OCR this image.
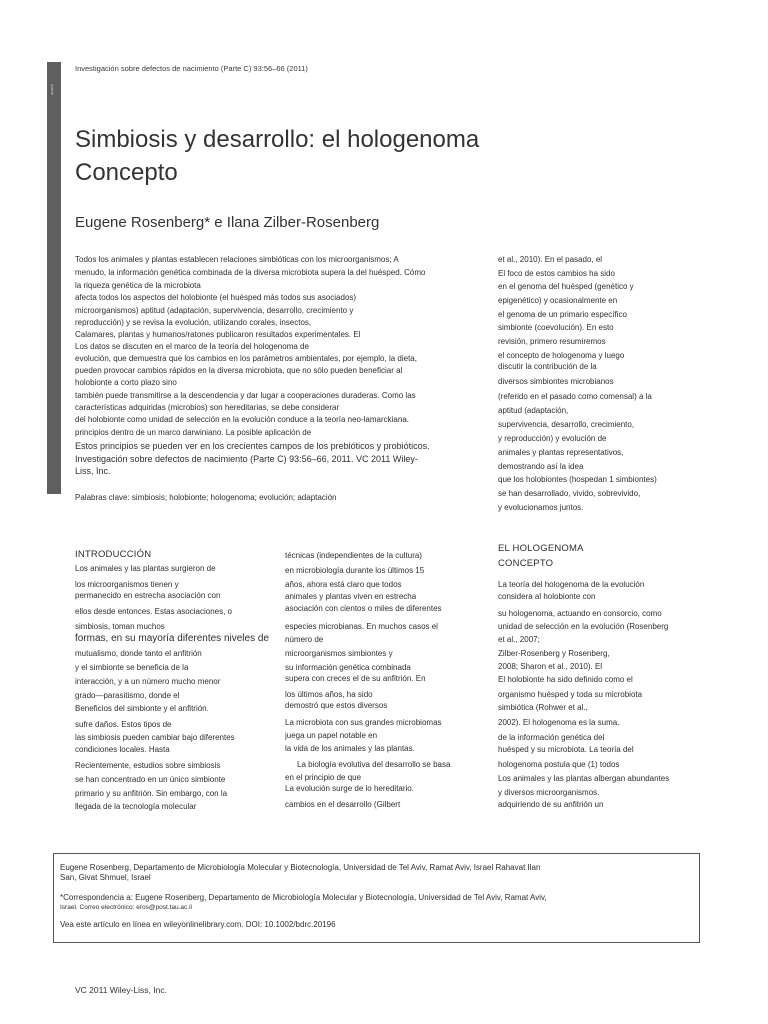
Article
Investigación sobre defectos de nacimiento (Parte C) 93:56–66 (2011)
Simbiosis y desarrollo: el hologenoma
Concepto
Eugene Rosenberg* e Ilana Zilber-Rosenberg
Todos los animales y plantas establecen relaciones simbióticas con los microorganismos; A
menudo, la información genética combinada de la diversa microbiota supera la del huésped. Cómo
la riqueza genética de la microbiota
afecta todos los aspectos del holobionte (el huésped más todos sus asociados)
microorganismos) aptitud (adaptación, supervivencia, desarrollo, crecimiento y
reproducción) y se revisa la evolución, utilizando corales, insectos,
Calamares, plantas y humanos/ratones publicaron resultados experimentales. El
Los datos se discuten en el marco de la teoría del hologenoma de
evolución, que demuestra que los cambios en los parámetros ambientales, por ejemplo, la dieta,
pueden provocar cambios rápidos en la diversa microbiota, que no sólo pueden beneficiar al
holobionte a corto plazo sino
también puede transmitirse a la descendencia y dar lugar a cooperaciones duraderas. Como las
características adquiridas (microbios) son hereditarias, se debe considerar
del holobionte como unidad de selección en la evolución conduce a la teoría neo-lamarckiana.
principios dentro de un marco darwiniano. La posible aplicación de
Estos principios se pueden ver en los crecientes campos de los prebióticos y probióticos.
Investigación sobre defectos de nacimiento (Parte C) 93:56–66, 2011. VC 2011 Wiley-
Liss, Inc.
Palabras clave: simbiosis; holobionte; hologenoma; evolución; adaptación
et al., 2010). En el pasado, el
El foco de estos cambios ha sido
en el genoma del huésped (genético y
epigenético) y ocasionalmente en
el genoma de un primario específico
simbionte (coevolución). En esto
revisión, primero resumiremos
el concepto de hologenoma y luego
discutir la contribución de la
diversos simbiontes microbianos
(referido en el pasado como comensal) a la
aptitud (adaptación,
supervivencia, desarrollo, crecimiento,
y reproducción) y evolución de
animales y plantas representativos,
demostrando así la idea
que los holobiontes (hospedan 1 simbiontes)
se han desarrollado, vivido, sobrevivido,
y evolucionamos juntos.
INTRODUCCIÓN
Los animales y las plantas surgieron de
los microorganismos tienen y
permanecido en estrecha asociación con
ellos desde entonces. Estas asociaciones, o
simbiosis, toman muchos
formas, en su mayoría diferentes niveles de
mutualismo, donde tanto el anfitrión
y el simbionte se beneficia de la
interacción, y a un número mucho menor
grado—parasitismo, donde el
Beneficios del simbionte y el anfitrión.
sufre daños. Estos tipos de
las simbiosis pueden cambiar bajo diferentes
condiciones locales. Hasta
Recientemente, estudios sobre simbiosis
se han concentrado en un único simbionte
primario y su anfitrión. Sin embargo, con la
llegada de la tecnología molecular
técnicas (independientes de la cultura)
en microbiología durante los últimos 15
años, ahora está claro que todos
animales y plantas viven en estrecha
asociación con cientos o miles de diferentes
especies microbianas. En muchos casos el
número de
microorganismos simbiontes y
su información genética combinada
supera con creces el de su anfitrión. En
los últimos años, ha sido
demostró que estos diversos
La microbiota con sus grandes microbiomas
juega un papel notable en
la vida de los animales y las plantas.
La biología evolutiva del desarrollo se basa
en el principio de que
La evolución surge de lo hereditario.
cambios en el desarrollo (Gilbert
EL HOLOGENOMA
CONCEPTO
La teoría del hologenoma de la evolución
considera al holobionte con
su hologenoma, actuando en consorcio, como
unidad de selección en la evolución (Rosenberg
et al., 2007;
Zilber-Rosenberg y Rosenberg,
2008; Sharon et al., 2010). El
El holobionte ha sido definido como el
organismo huésped y toda su microbiota
simbiótica (Rohwer et al.,
2002). El hologenoma es la suma.
de la información genética del
huésped y su microbiota. La teoría del
hologenoma postula que (1) todos
Los animales y las plantas albergan abundantes
y diversos microorganismos.
adquiriendo de su anfitrión un
Eugene Rosenberg, Departamento de Microbiología Molecular y Biotecnología, Universidad de Tel Aviv, Ramat Aviv, Israel Rahavat Ilan
San, Givat Shmuel, Israel
*Correspondencia a: Eugene Rosenberg, Departamento de Microbiología Molecular y Biotecnología, Universidad de Tel Aviv, Ramat Aviv,
Israel. Correo electrónico: eros@post.tau.ac.il
Vea este artículo en línea en wileyonlinelibrary.com. DOI: 10.1002/bdrc.20196
VC 2011 Wiley-Liss, Inc.
